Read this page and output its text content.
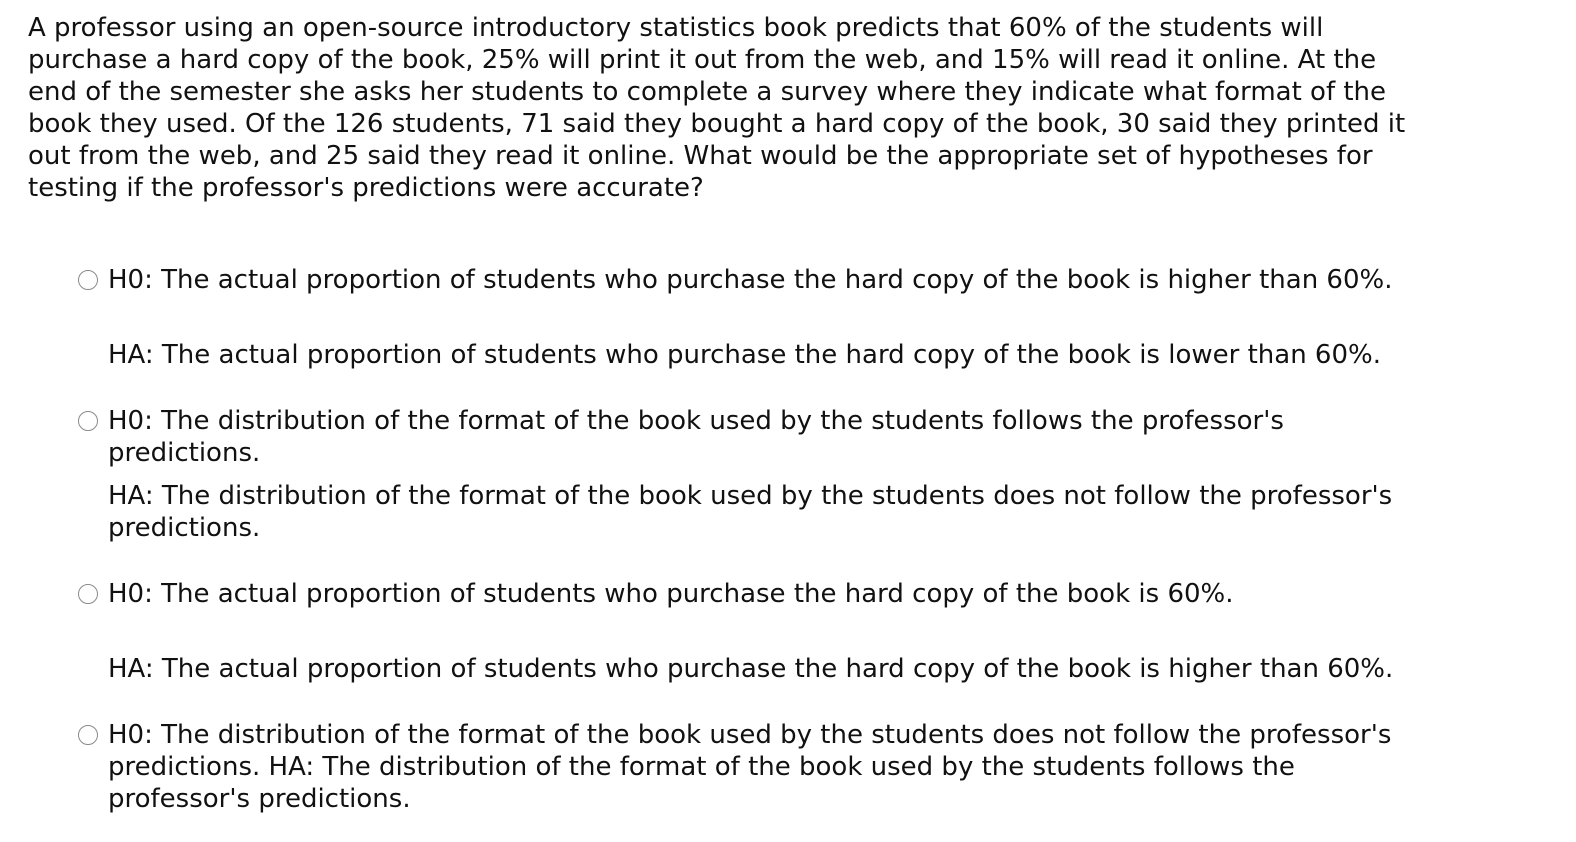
A professor using an open-source introductory statistics book predicts that 60% of the students will purchase a hard copy of the book, 25% will print it out from the web, and 15% will read it online. At the end of the semester she asks her students to complete a survey where they indicate what format of the book they used. Of the 126 students, 71 said they bought a hard copy of the book, 30 said they printed it out from the web, and 25 said they read it online. What would be the appropriate set of hypotheses for testing if the professor's predictions were accurate?

H0: The actual proportion of students who purchase the hard copy of the book is higher than 60%.

HA: The actual proportion of students who purchase the hard copy of the book is lower than 60%.

H0: The distribution of the format of the book used by the students follows the professor's predictions.

HA: The distribution of the format of the book used by the students does not follow the professor's predictions.

H0: The actual proportion of students who purchase the hard copy of the book is 60%.

HA: The actual proportion of students who purchase the hard copy of the book is higher than 60%.

H0: The distribution of the format of the book used by the students does not follow the professor's predictions. HA: The distribution of the format of the book used by the students follows the professor's predictions.
